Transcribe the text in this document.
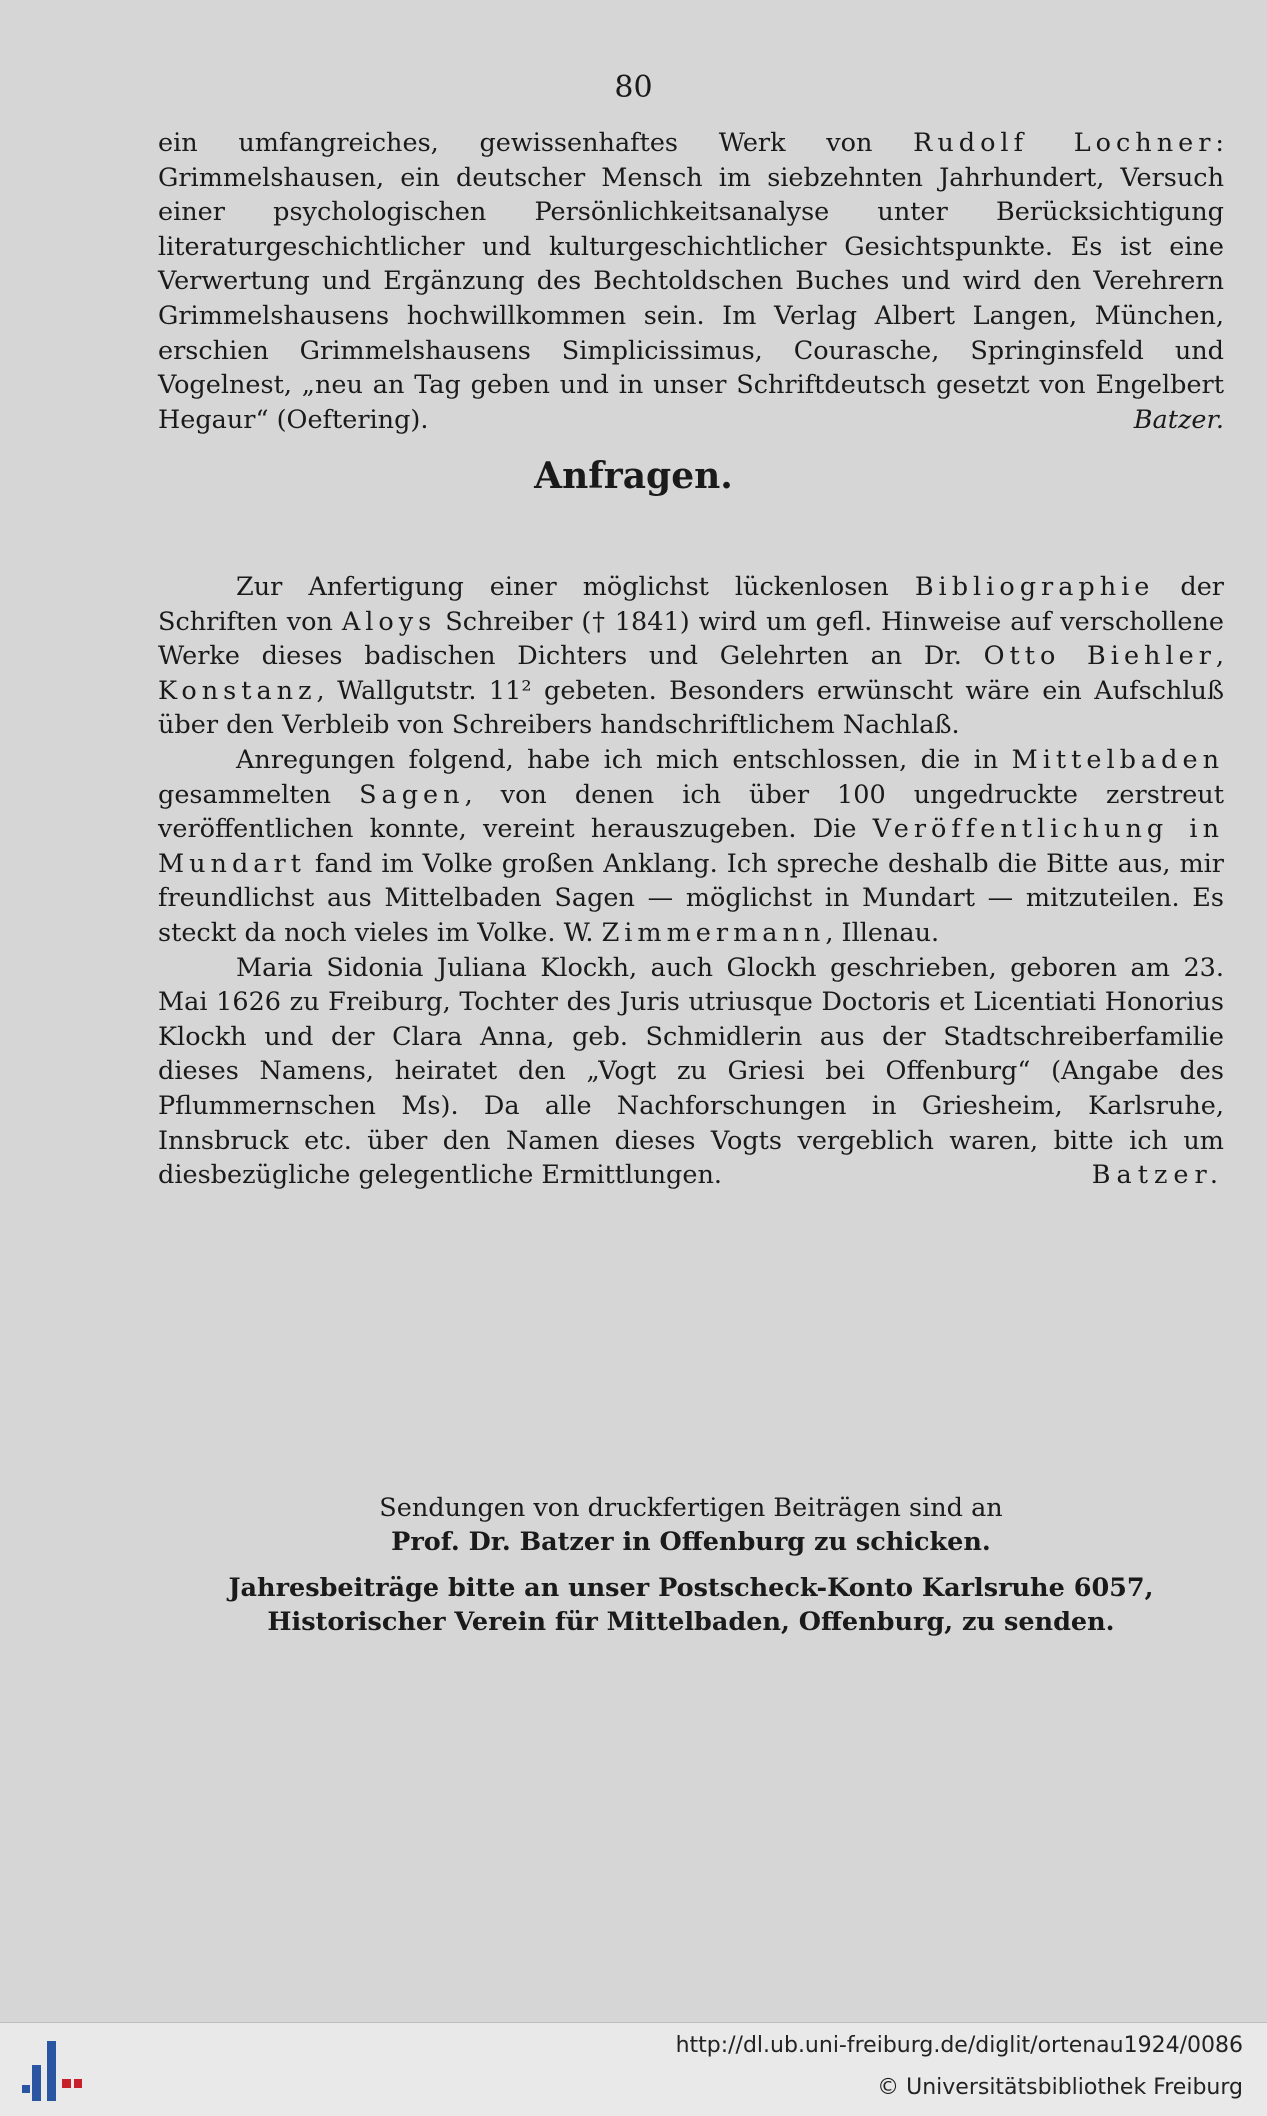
80

ein umfangreiches, gewissenhaftes Werk von Rudolf Lochner: Grimmelshausen, ein deutscher Mensch im siebzehnten Jahrhundert, Versuch einer psychologischen Persönlichkeitsanalyse unter Berücksichtigung literaturgeschichtlicher und kulturgeschichtlicher Gesichtspunkte. Es ist eine Verwertung und Ergänzung des Bechtoldschen Buches und wird den Verehrern Grimmelshausens hochwillkommen sein. Im Verlag Albert Langen, München, erschien Grimmelshausens Simplicissimus, Courasche, Springinsfeld und Vogelnest, „neu an Tag geben und in unser Schriftdeutsch gesetzt von Engelbert Hegaur“ (Oeftering).	Batzer.

Anfragen.

Zur Anfertigung einer möglichst lückenlosen Bibliographie der Schriften von Aloys Schreiber († 1841) wird um gefl. Hinweise auf verschollene Werke dieses badischen Dichters und Gelehrten an Dr. Otto Biehler, Konstanz, Wallgutstr. 11² gebeten. Besonders erwünscht wäre ein Aufschluß über den Verbleib von Schreibers handschriftlichem Nachlaß.

Anregungen folgend, habe ich mich entschlossen, die in Mittelbaden gesammelten Sagen, von denen ich über 100 ungedruckte zerstreut veröffentlichen konnte, vereint herauszugeben. Die Veröffentlichung in Mundart fand im Volke großen Anklang. Ich spreche deshalb die Bitte aus, mir freundlichst aus Mittelbaden Sagen — möglichst in Mundart — mitzuteilen. Es steckt da noch vieles im Volke. W. Zimmermann, Illenau.

Maria Sidonia Juliana Klockh, auch Glockh geschrieben, geboren am 23. Mai 1626 zu Freiburg, Tochter des Juris utriusque Doctoris et Licentiati Honorius Klockh und der Clara Anna, geb. Schmidlerin aus der Stadtschreiberfamilie dieses Namens, heiratet den „Vogt zu Griesi bei Offenburg“ (Angabe des Pflummernschen Ms). Da alle Nachforschungen in Griesheim, Karlsruhe, Innsbruck etc. über den Namen dieses Vogts vergeblich waren, bitte ich um diesbezügliche gelegentliche Ermittlungen.	Batzer.

Sendungen von druckfertigen Beiträgen sind an

Prof. Dr. Batzer in Offenburg zu schicken.

Jahresbeiträge bitte an unser Postscheck-Konto Karlsruhe 6057, Historischer Verein für Mittelbaden, Offenburg, zu senden.

http://dl.ub.uni-freiburg.de/diglit/ortenau1924/0086
© Universitätsbibliothek Freiburg
